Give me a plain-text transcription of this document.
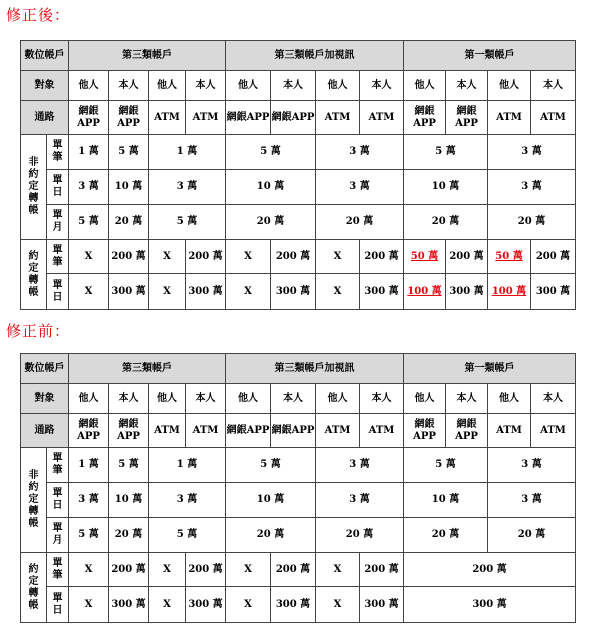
修正後：
數位帳戶		第三類帳戶				第三類帳戶加視訊				第一類帳戶			
對象		他人	本人	他人	本人	他人	本人	他人	本人	他人	本人	他人	本人
通路		網銀APP	網銀APP	ATM	ATM	網銀APP	網銀APP	ATM	ATM	網銀APP	網銀APP	ATM	ATM

非約定轉帳	單筆	1 萬	5 萬	1 萬		5 萬		3 萬		5 萬		3 萬	

	單日	3 萬	10 萬	3 萬		10 萬		3 萬		10 萬		3 萬	

	單月	5 萬	20 萬	5 萬		20 萬		20 萬		20 萬		20 萬	

約定轉帳	單筆	X	200 萬	X	200 萬	X	200 萬	X	200 萬	50 萬	200 萬	50 萬	200 萬

	單日	X	300 萬	X	300 萬	X	300 萬	X	300 萬	100 萬	300 萬	100 萬	300 萬
修正前：
數位帳戶		第三類帳戶				第三類帳戶加視訊				第一類帳戶			
對象		他人	本人	他人	本人	他人	本人	他人	本人	他人	本人	他人	本人
通路		網銀APP	網銀APP	ATM	ATM	網銀APP	網銀APP	ATM	ATM	網銀APP	網銀APP	ATM	ATM

非約定轉帳	單筆	1 萬	5 萬	1 萬		5 萬		3 萬		5 萬		3 萬	

	單日	3 萬	10 萬	3 萬		10 萬		3 萬		10 萬		3 萬	

	單月	5 萬	20 萬	5 萬		20 萬		20 萬		20 萬		20 萬	

約定轉帳	單筆	X	200 萬	X	200 萬	X	200 萬	X	200 萬	200 萬			

	單日	X	300 萬	X	300 萬	X	300 萬	X	300 萬	300 萬			
